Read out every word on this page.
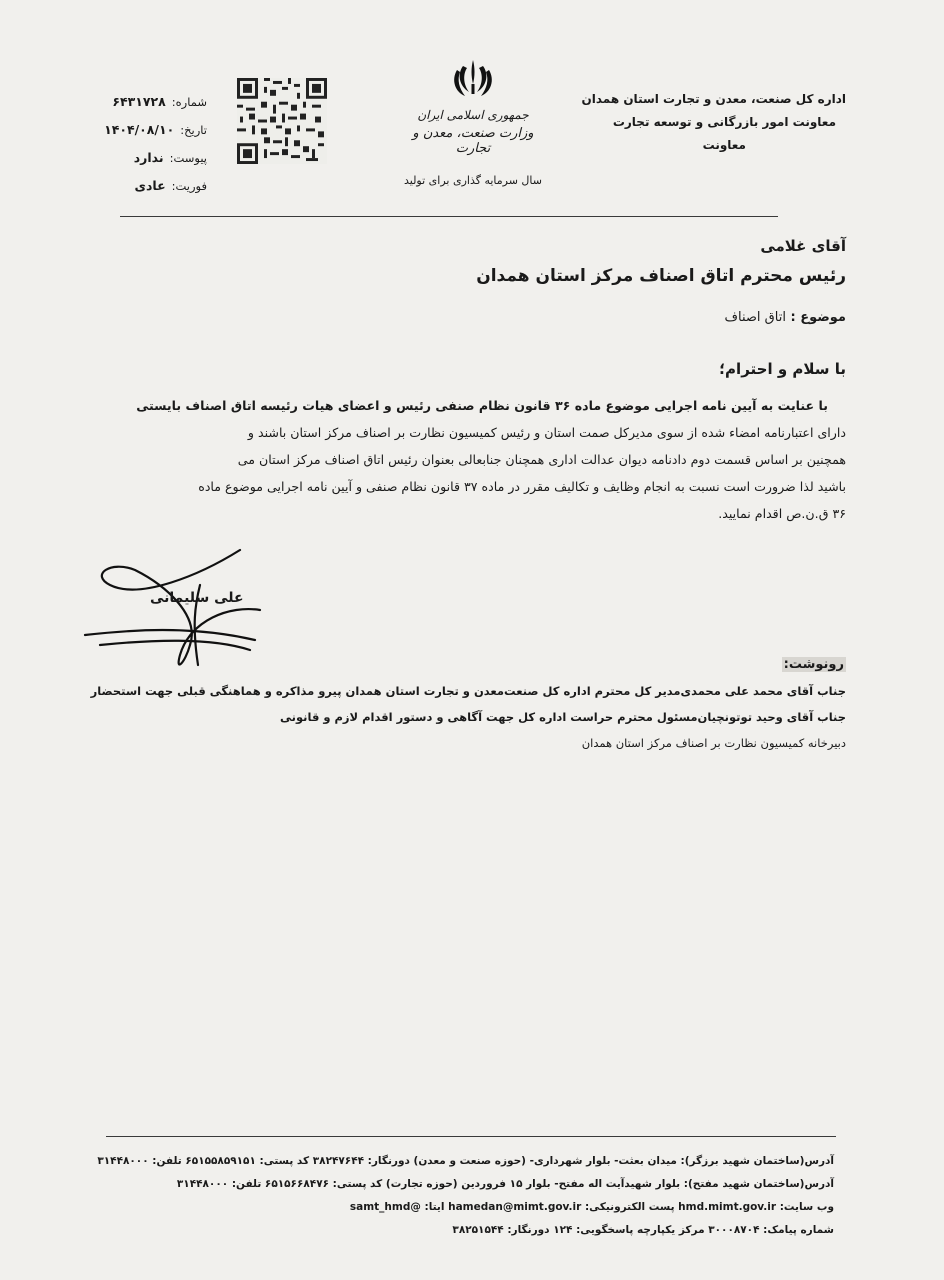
اداره کل صنعت، معدن و تجارت استان همدان
معاونت امور بازرگانی و توسعه تجارت
معاونت
جمهوری اسلامی ایران
وزارت صنعت، معدن و تجارت
سال سرمایه گذاری برای تولید
شماره:
۶۴۳۱۷۲۸
تاریخ:
۱۴۰۴/۰۸/۱۰
پیوست:
ندارد
فوریت:
عادی
آقای غلامی
رئیس محترم اتاق اصناف مرکز استان همدان
موضوع : اتاق اصناف
با سلام و احترام؛
با عنایت به آیین نامه اجرایی موضوع ماده ۳۶ قانون نظام صنفی رئیس و اعضای هیات رئیسه اتاق اصناف بایستی
دارای اعتبارنامه امضاء شده از سوی مدیرکل صمت استان و رئیس کمیسیون نظارت بر اصناف مرکز استان باشند و
همچنین بر اساس قسمت دوم دادنامه دیوان عدالت اداری همچنان جنابعالی بعنوان رئیس اتاق اصناف مرکز استان می
باشید لذا ضرورت است نسبت به انجام وظایف و تکالیف مقرر در ماده ۳۷ قانون نظام صنفی و آیین نامه اجرایی موضوع ماده
۳۶ ق.ن.ص اقدام نمایید.
علی سلیمانی
رونوشت:
جناب آقای محمد علی محمدی‌مدیر کل محترم اداره کل صنعت‌معدن و تجارت استان همدان پیرو مذاکره و هماهنگی قبلی جهت استحضار
جناب آقای وحید توتونچیان‌مسئول محترم حراست اداره کل جهت آگاهی و دستور اقدام لازم و قانونی
دبیرخانه کمیسیون نظارت بر اصناف مرکز استان همدان
آدرس(ساختمان شهید برزگر): میدان بعثت- بلوار شهرداری- (حوزه صنعت و معدن) دورنگار: ۳۸۲۴۷۶۴۴ کد پستی: ۶۵۱۵۵۸۵۹۱۵۱ تلفن: ۳۱۴۴۸۰۰۰
آدرس(ساختمان شهید مفتح): بلوار شهیدآیت اله مفتح- بلوار ۱۵ فروردین (حوزه تجارت) کد پستی: ۶۵۱۵۶۶۸۴۷۶ تلفن: ۳۱۴۴۸۰۰۰
وب سایت: hmd.mimt.gov.ir پست الکترونیکی: hamedan@mimt.gov.ir ایتا: @samt_hmd
شماره پیامک: ۳۰۰۰۸۷۰۴ مرکز یکپارچه پاسخگویی: ۱۲۴ دورنگار: ۳۸۲۵۱۵۴۴
